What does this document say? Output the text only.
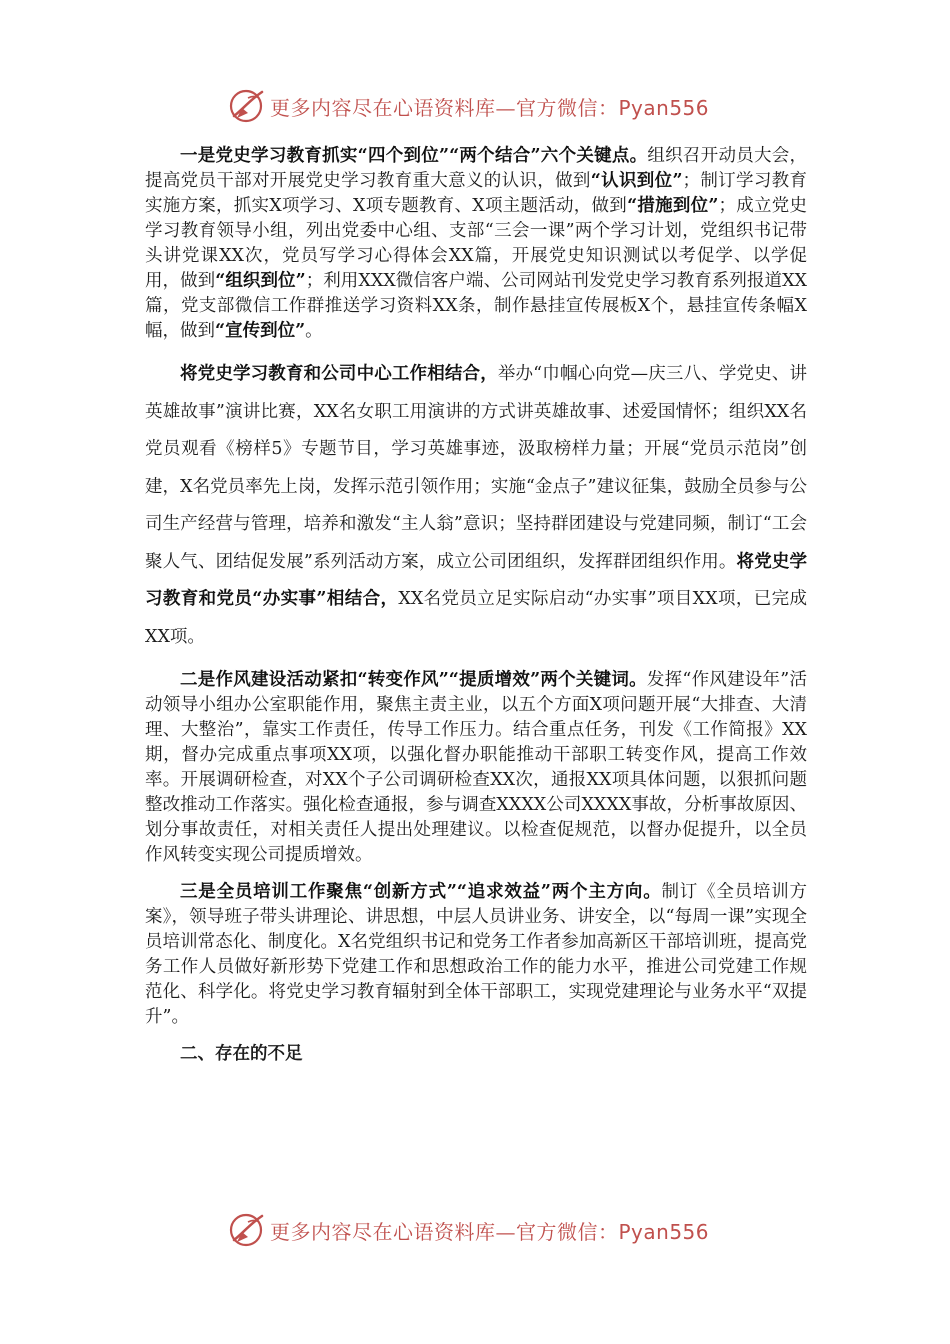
更多内容尽在心语资料库—官方微信：Pyan556

一是党史学习教育抓实“四个到位”“两个结合”六个关键点。组织召开动员大会，提高党员干部对开展党史学习教育重大意义的认识，做到“认识到位”；制订学习教育实施方案，抓实X项学习、X项专题教育、X项主题活动，做到“措施到位”；成立党史学习教育领导小组，列出党委中心组、支部“三会一课”两个学习计划，党组织书记带头讲党课XX次，党员写学习心得体会XX篇，开展党史知识测试以考促学、以学促用，做到“组织到位”；利用XXX微信客户端、公司网站刊发党史学习教育系列报道XX篇，党支部微信工作群推送学习资料XX条，制作悬挂宣传展板X个，悬挂宣传条幅X幅，做到“宣传到位”。

将党史学习教育和公司中心工作相结合，举办“巾帼心向党—庆三八、学党史、讲英雄故事”演讲比赛，XX名女职工用演讲的方式讲英雄故事、述爱国情怀；组织XX名党员观看《榜样5》专题节目，学习英雄事迹，汲取榜样力量；开展“党员示范岗”创建，X名党员率先上岗，发挥示范引领作用；实施“金点子”建议征集，鼓励全员参与公司生产经营与管理，培养和激发“主人翁”意识；坚持群团建设与党建同频，制订“工会聚人气、团结促发展”系列活动方案，成立公司团组织，发挥群团组织作用。将党史学习教育和党员“办实事”相结合，XX名党员立足实际启动“办实事”项目XX项，已完成XX项。

二是作风建设活动紧扣“转变作风”“提质增效”两个关键词。发挥“作风建设年”活动领导小组办公室职能作用，聚焦主责主业，以五个方面X项问题开展“大排查、大清理、大整治”，靠实工作责任，传导工作压力。结合重点任务，刊发《工作简报》XX期，督办完成重点事项XX项，以强化督办职能推动干部职工转变作风，提高工作效率。开展调研检查，对XX个子公司调研检查XX次，通报XX项具体问题，以狠抓问题整改推动工作落实。强化检查通报，参与调查XXXX公司XXXX事故，分析事故原因、划分事故责任，对相关责任人提出处理建议。以检查促规范，以督办促提升，以全员作风转变实现公司提质增效。

三是全员培训工作聚焦“创新方式”“追求效益”两个主方向。制订《全员培训方案》，领导班子带头讲理论、讲思想，中层人员讲业务、讲安全，以“每周一课”实现全员培训常态化、制度化。X名党组织书记和党务工作者参加高新区干部培训班，提高党务工作人员做好新形势下党建工作和思想政治工作的能力水平，推进公司党建工作规范化、科学化。将党史学习教育辐射到全体干部职工，实现党建理论与业务水平“双提升”。

二、存在的不足

更多内容尽在心语资料库—官方微信：Pyan556
